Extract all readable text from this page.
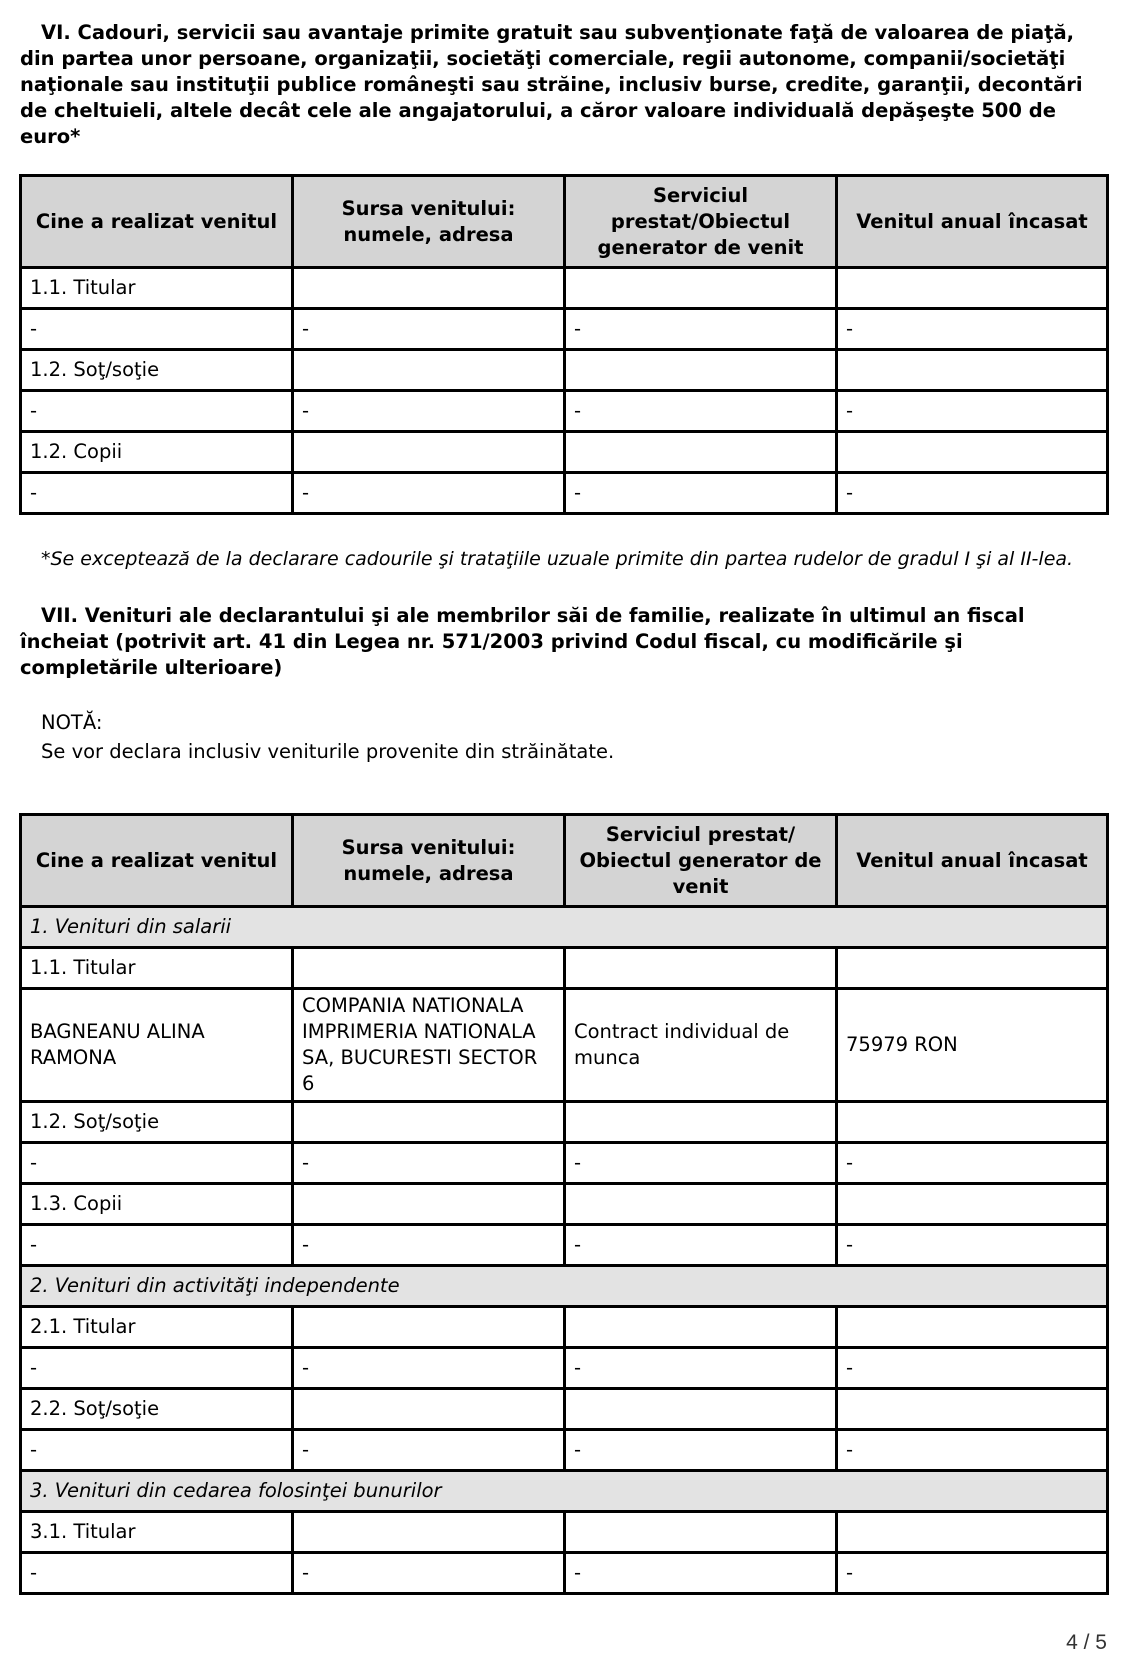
VI. Cadouri, servicii sau avantaje primite gratuit sau subvenţionate faţă de valoarea de piaţă, din partea unor persoane, organizaţii, societăţi comerciale, regii autonome, companii/societăţi naţionale sau instituţii publice româneşti sau străine, inclusiv burse, credite, garanţii, decontări de cheltuieli, altele decât cele ale angajatorului, a căror valoare individuală depăşeşte 500 de euro*

Cine a realizat venitul	Sursa venitului: numele, adresa	Serviciul prestat/Obiectul generator de venit	Venitul anual încasat
1.1. Titular			
-	-	-	-
1.2. Soţ/soţie			
-	-	-	-
1.2. Copii			
-	-	-	-

*Se exceptează de la declarare cadourile şi trataţiile uzuale primite din partea rudelor de gradul I şi al II-lea.

VII. Venituri ale declarantului şi ale membrilor săi de familie, realizate în ultimul an fiscal încheiat (potrivit art. 41 din Legea nr. 571/2003 privind Codul fiscal, cu modificările şi completările ulterioare)

NOTĂ:

Se vor declara inclusiv veniturile provenite din străinătate.

Cine a realizat venitul	Sursa venitului: numele, adresa	Serviciul prestat/ Obiectul generator de venit	Venitul anual încasat
1. Venituri din salarii			
1.1. Titular			
BAGNEANU ALINA RAMONA	COMPANIA NATIONALA IMPRIMERIA NATIONALA SA, BUCURESTI SECTOR 6	Contract individual de munca	75979 RON
1.2. Soţ/soţie			
-	-	-	-
1.3. Copii			
-	-	-	-
2. Venituri din activităţi independente			
2.1. Titular			
-	-	-	-
2.2. Soţ/soţie			
-	-	-	-
3. Venituri din cedarea folosinţei bunurilor			
3.1. Titular			
-	-	-	-

4 / 5
